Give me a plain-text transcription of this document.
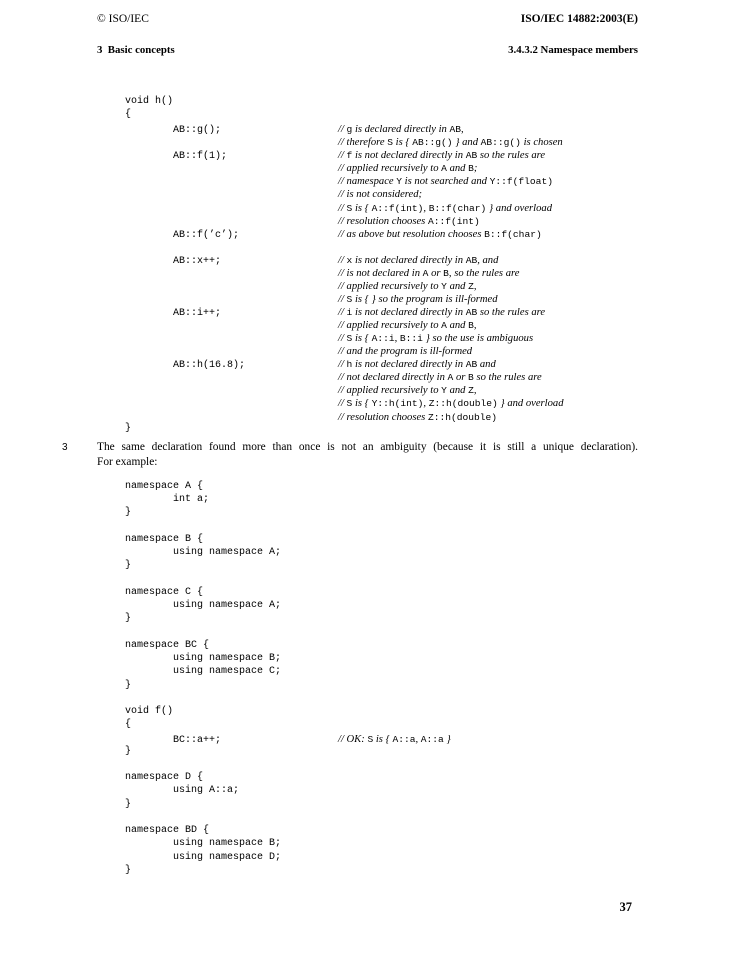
© ISO/IEC	ISO/IEC 14882:2003(E)
3  Basic concepts	3.4.3.2 Namespace members
void h()
{
AB::g();	// g is declared directly in AB,
// therefore S is { AB::g() } and AB::g() is chosen
AB::f(1);	// f is not declared directly in AB so the rules are
// applied recursively to A and B;
// namespace Y is not searched and Y::f(float)
// is not considered;
// S is { A::f(int), B::f(char) } and overload
// resolution chooses A::f(int)
AB::f(’c’);	// as above but resolution chooses B::f(char)
AB::x++;	// x is not declared directly in AB, and
// is not declared in A or B, so the rules are
// applied recursively to Y and Z,
// S is { } so the program is ill-formed
AB::i++;	// i is not declared directly in AB so the rules are
// applied recursively to A and B,
// S is { A::i, B::i } so the use is ambiguous
// and the program is ill-formed
AB::h(16.8);	// h is not declared directly in AB and
// not declared directly in A or B so the rules are
// applied recursively to Y and Z,
// S is { Y::h(int), Z::h(double) } and overload
// resolution chooses Z::h(double)
}
3	The same declaration found more than once is not an ambiguity (because it is still a unique declaration).
For example:
namespace A {
int a;
}
namespace B {
using namespace A;
}
namespace C {
using namespace A;
}
namespace BC {
using namespace B;
using namespace C;
}
void f()
{
BC::a++;	// OK: S is { A::a, A::a }
}
namespace D {
using A::a;
}
namespace BD {
using namespace B;
using namespace D;
}
37
